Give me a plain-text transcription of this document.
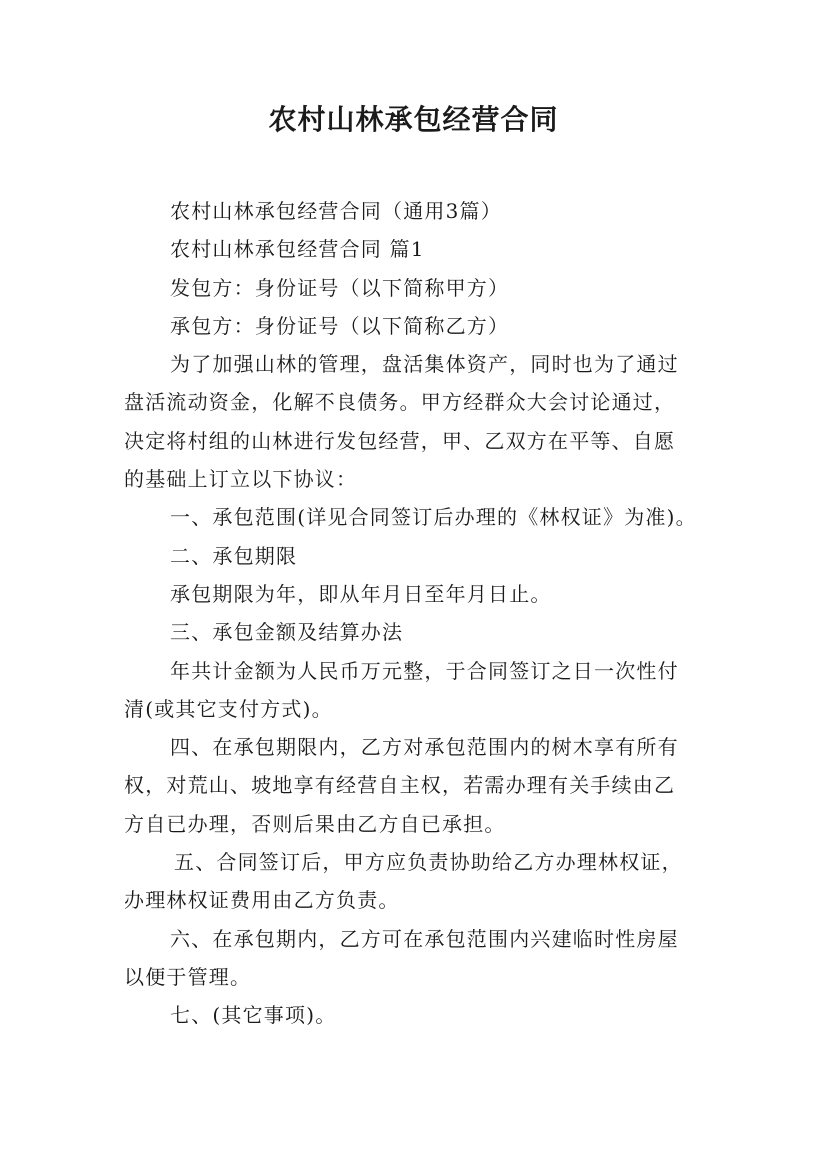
农村山林承包经营合同

农村山林承包经营合同（通用3篇）

农村山林承包经营合同 篇1

发包方：身份证号（以下简称甲方）

承包方：身份证号（以下简称乙方）

为了加强山林的管理，盘活集体资产，同时也为了通过

盘活流动资金，化解不良债务。甲方经群众大会讨论通过，

决定将村组的山林进行发包经营，甲、乙双方在平等、自愿

的基础上订立以下协议：

一、承包范围(详见合同签订后办理的《林权证》为准)。

二、承包期限

承包期限为年，即从年月日至年月日止。

三、承包金额及结算办法

年共计金额为人民币万元整，于合同签订之日一次性付

清(或其它支付方式)。

四、在承包期限内，乙方对承包范围内的树木享有所有

权，对荒山、坡地享有经营自主权，若需办理有关手续由乙

方自已办理，否则后果由乙方自已承担。

五、合同签订后，甲方应负责协助给乙方办理林权证，

办理林权证费用由乙方负责。

六、在承包期内，乙方可在承包范围内兴建临时性房屋

以便于管理。

七、(其它事项)。
